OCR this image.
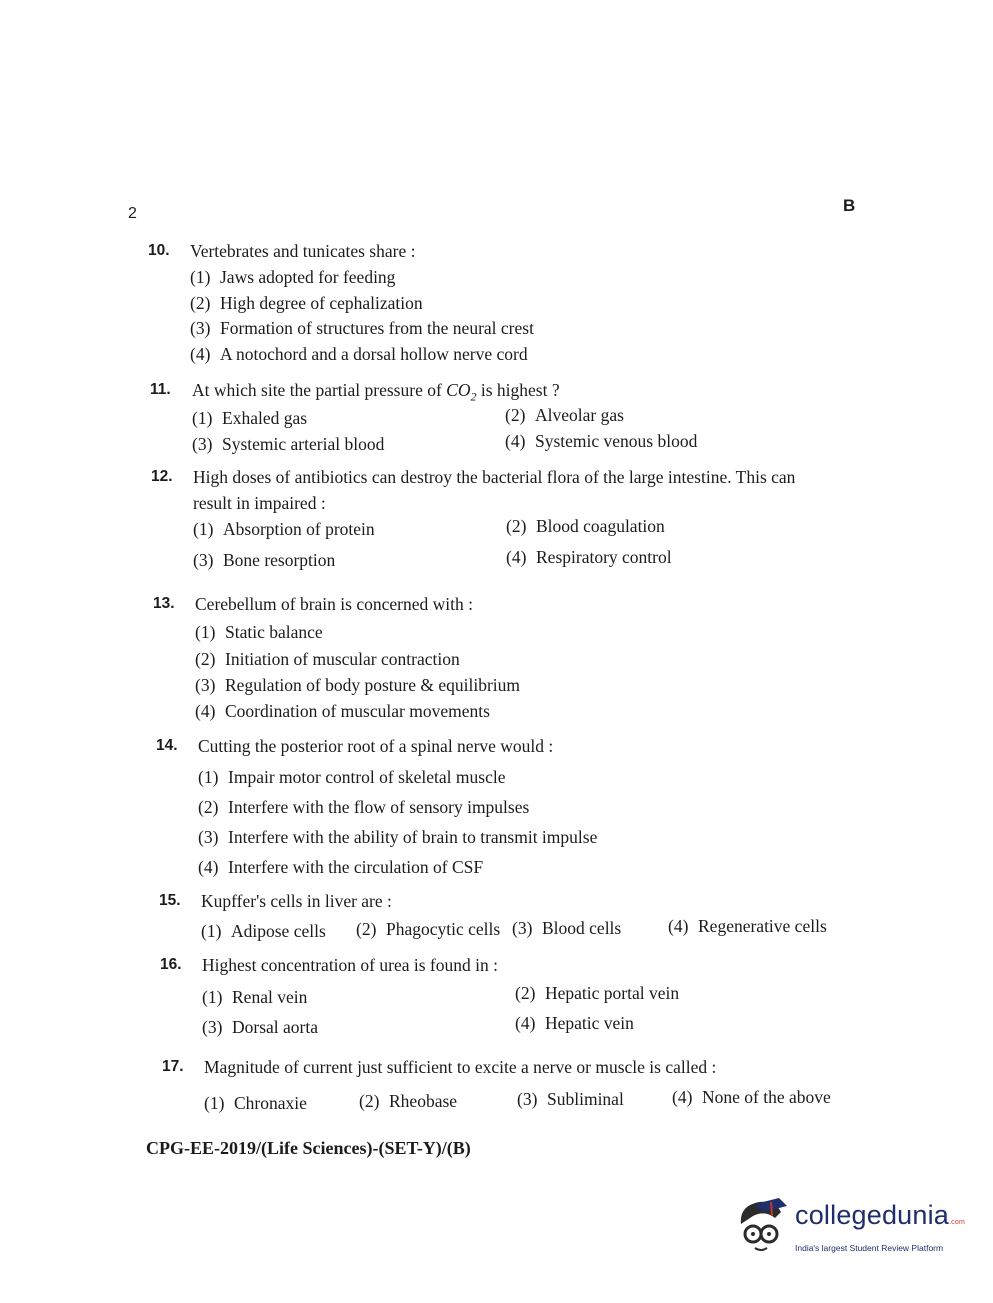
2	B
10. Vertebrates and tunicates share :
(1) Jaws adopted for feeding
(2) High degree of cephalization
(3) Formation of structures from the neural crest
(4) A notochord and a dorsal hollow nerve cord
11. At which site the partial pressure of $CO_2$ is highest ?
(1) Exhaled gas	(2) Alveolar gas
(3) Systemic arterial blood	(4) Systemic venous blood
12. High doses of antibiotics can destroy the bacterial flora of the large intestine. This can
result in impaired :
(1) Absorption of protein	(2) Blood coagulation
(3) Bone resorption	(4) Respiratory control
13. Cerebellum of brain is concerned with :
(1) Static balance
(2) Initiation of muscular contraction
(3) Regulation of body posture & equilibrium
(4) Coordination of muscular movements
14. Cutting the posterior root of a spinal nerve would :
(1) Impair motor control of skeletal muscle
(2) Interfere with the flow of sensory impulses
(3) Interfere with the ability of brain to transmit impulse
(4) Interfere with the circulation of CSF
15. Kupffer's cells in liver are :
(1) Adipose cells (2) Phagocytic cells (3) Blood cells	(4) Regenerative cells
16. Highest concentration of urea is found in :
(1) Renal vein	(2) Hepatic portal vein
(3) Dorsal aorta	(4) Hepatic vein
17. Magnitude of current just sufficient to excite a nerve or muscle is called :
(1) Chronaxie	(2) Rheobase	(3) Subliminal	(4) None of the above
CPG-EE-2019/(Life Sciences)-(SET-Y)/(B)
collegedunia.com
India's largest Student Review Platform
